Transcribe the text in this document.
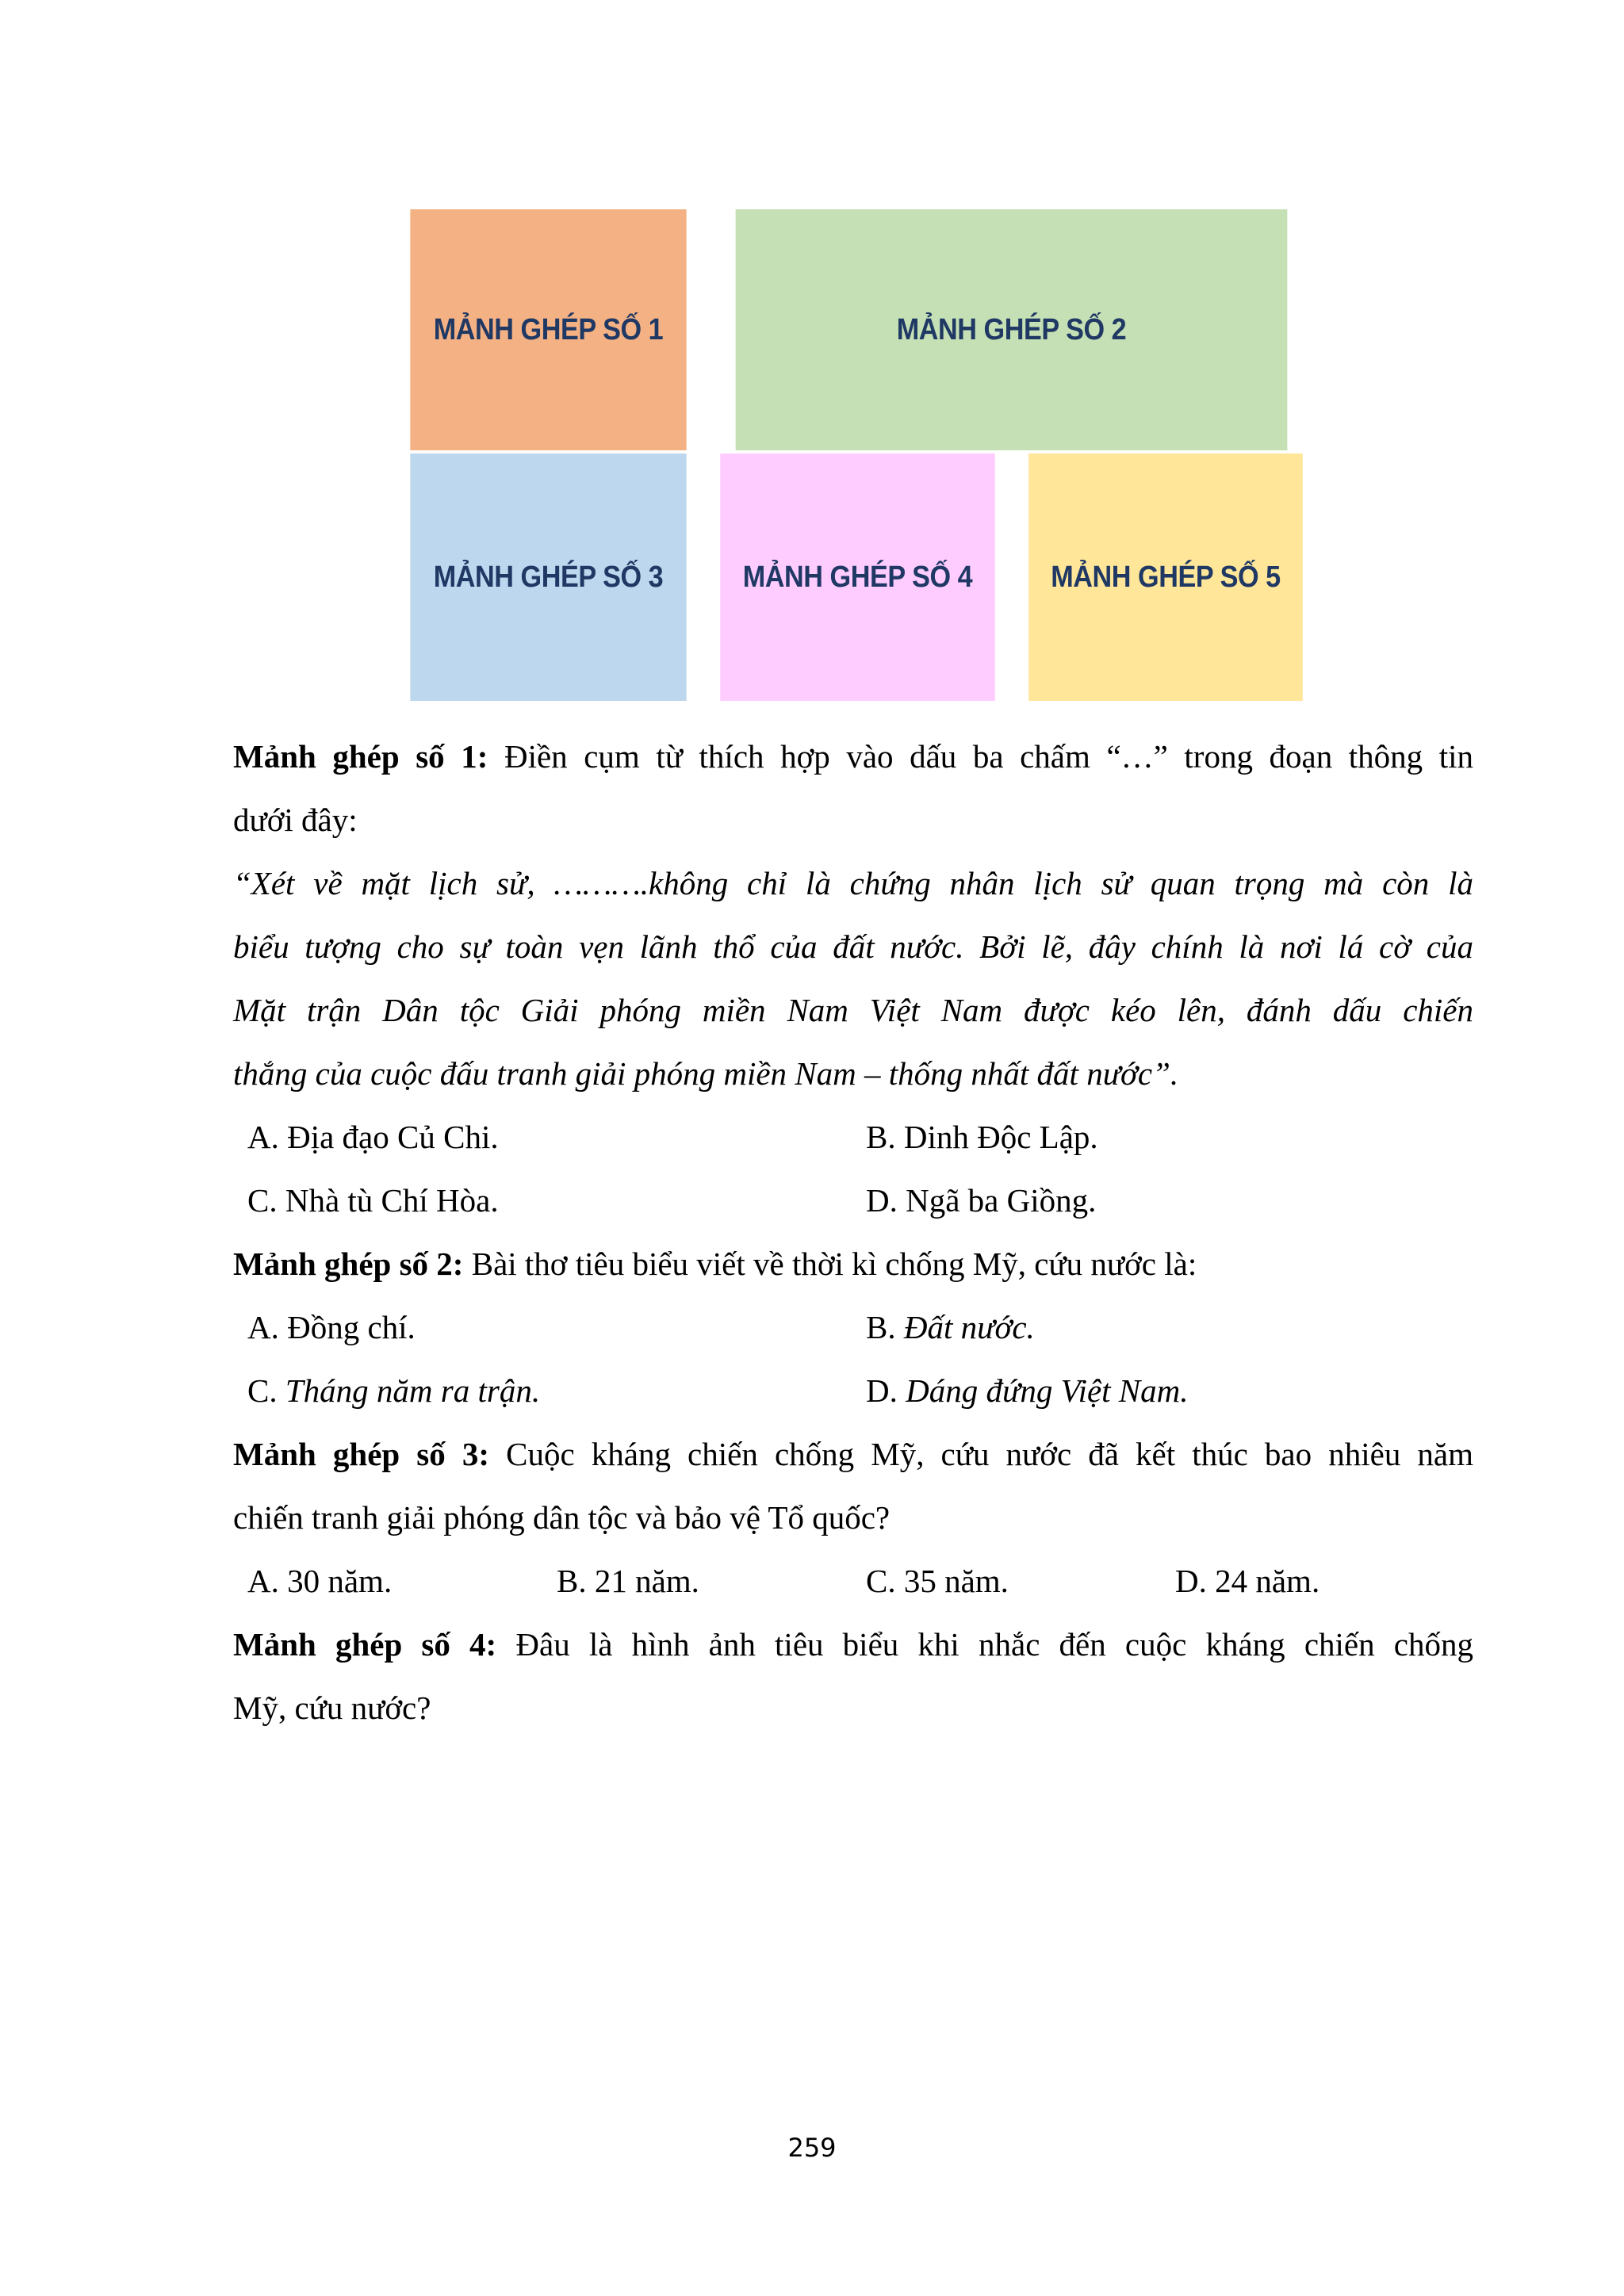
MẢNH GHÉP SỐ 1	MẢNH GHÉP SỐ 2
MẢNH GHÉP SỐ 3	MẢNH GHÉP SỐ 4	MẢNH GHÉP SỐ 5
Mảnh ghép số 1: Điền cụm từ thích hợp vào dấu ba chấm “…” trong đoạn thông tin
dưới đây:
“Xét về mặt lịch sử, ……….không chỉ là chứng nhân lịch sử quan trọng mà còn là
biểu tượng cho sự toàn vẹn lãnh thổ của đất nước. Bởi lẽ, đây chính là nơi lá cờ của
Mặt trận Dân tộc Giải phóng miền Nam Việt Nam được kéo lên, đánh dấu chiến
thắng của cuộc đấu tranh giải phóng miền Nam – thống nhất đất nước”.
A. Địa đạo Củ Chi.	B. Dinh Độc Lập.
C. Nhà tù Chí Hòa.	D. Ngã ba Giồng.
Mảnh ghép số 2: Bài thơ tiêu biểu viết về thời kì chống Mỹ, cứu nước là:
A. Đồng chí.	B. Đất nước.
C. Tháng năm ra trận.	D. Dáng đứng Việt Nam.
Mảnh ghép số 3: Cuộc kháng chiến chống Mỹ, cứu nước đã kết thúc bao nhiêu năm
chiến tranh giải phóng dân tộc và bảo vệ Tổ quốc?
A. 30 năm.	B. 21 năm.	C. 35 năm.	D. 24 năm.
Mảnh ghép số 4: Đâu là hình ảnh tiêu biểu khi nhắc đến cuộc kháng chiến chống
Mỹ, cứu nước?
259
